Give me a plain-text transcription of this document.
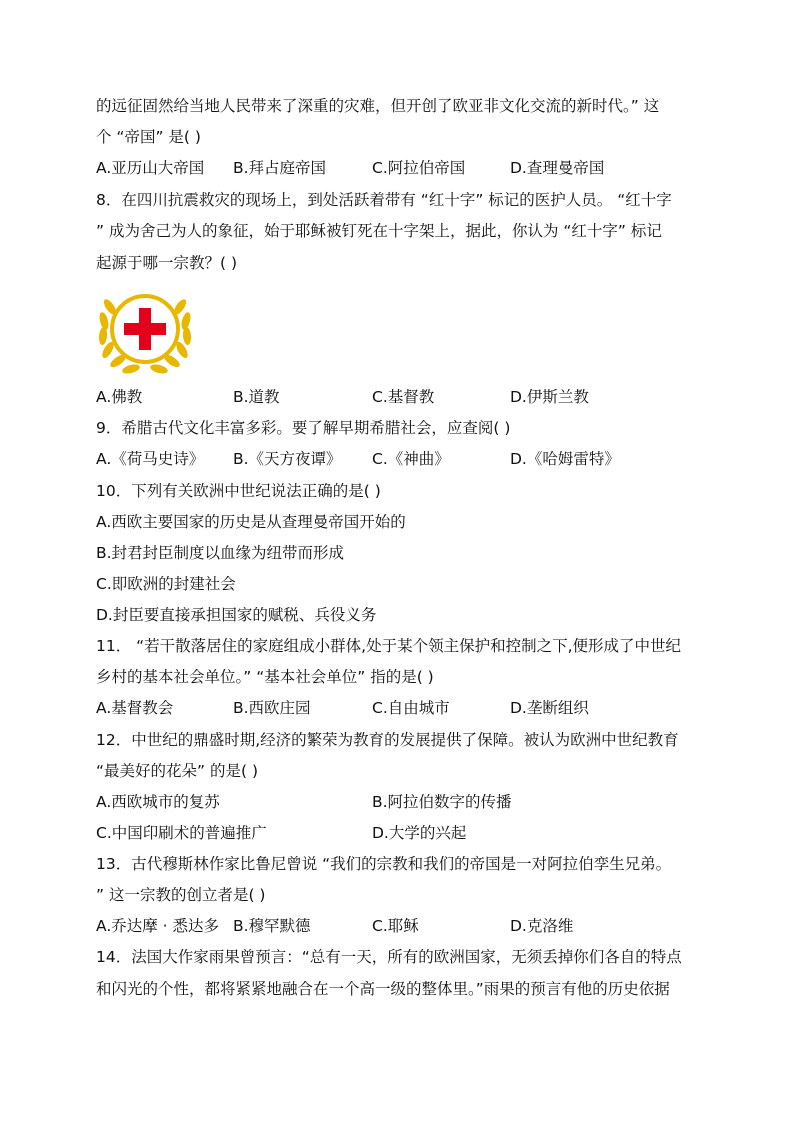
的远征固然给当地人民带来了深重的灾难，但开创了欧亚非文化交流的新时代。” 这
个 “帝国” 是( )
A.亚历山大帝国 B.拜占庭帝国	C.阿拉伯帝国	D.查理曼帝国
8．在四川抗震救灾的现场上，到处活跃着带有 “红十字” 标记的医护人员。 “红十字
” 成为舍己为人的象征，始于耶稣被钉死在十字架上，据此，你认为 “红十字” 标记
起源于哪一宗教？( )
A.佛教	B.道教	C.基督教	D.伊斯兰教
9．希腊古代文化丰富多彩。要了解早期希腊社会，应查阅( )
A.《荷马史诗》 B.《天方夜谭》 C.《神曲》	D.《哈姆雷特》
10．下列有关欧洲中世纪说法正确的是( )
A.西欧主要国家的历史是从查理曼帝国开始的
B.封君封臣制度以血缘为纽带而形成
C.即欧洲的封建社会
D.封臣要直接承担国家的赋税、兵役义务
11． “若干散落居住的家庭组成小群体,处于某个领主保护和控制之下,便形成了中世纪
乡村的基本社会单位。” “基本社会单位” 指的是( )
A.基督教会	B.西欧庄园	C.自由城市	D.垄断组织
12．中世纪的鼎盛时期,经济的繁荣为教育的发展提供了保障。被认为欧洲中世纪教育
“最美好的花朵” 的是( )
A.西欧城市的复苏	B.阿拉伯数字的传播
C.中国印刷术的普遍推广	D.大学的兴起
13．古代穆斯林作家比鲁尼曾说 “我们的宗教和我们的帝国是一对阿拉伯孪生兄弟。
” 这一宗教的创立者是( )
A.乔达摩 · 悉达多 B.穆罕默德	C.耶稣	D.克洛维
14．法国大作家雨果曾预言：“总有一天，所有的欧洲国家，无须丢掉你们各自的特点
和闪光的个性，都将紧紧地融合在一个高一级的整体里。”雨果的预言有他的历史依据
